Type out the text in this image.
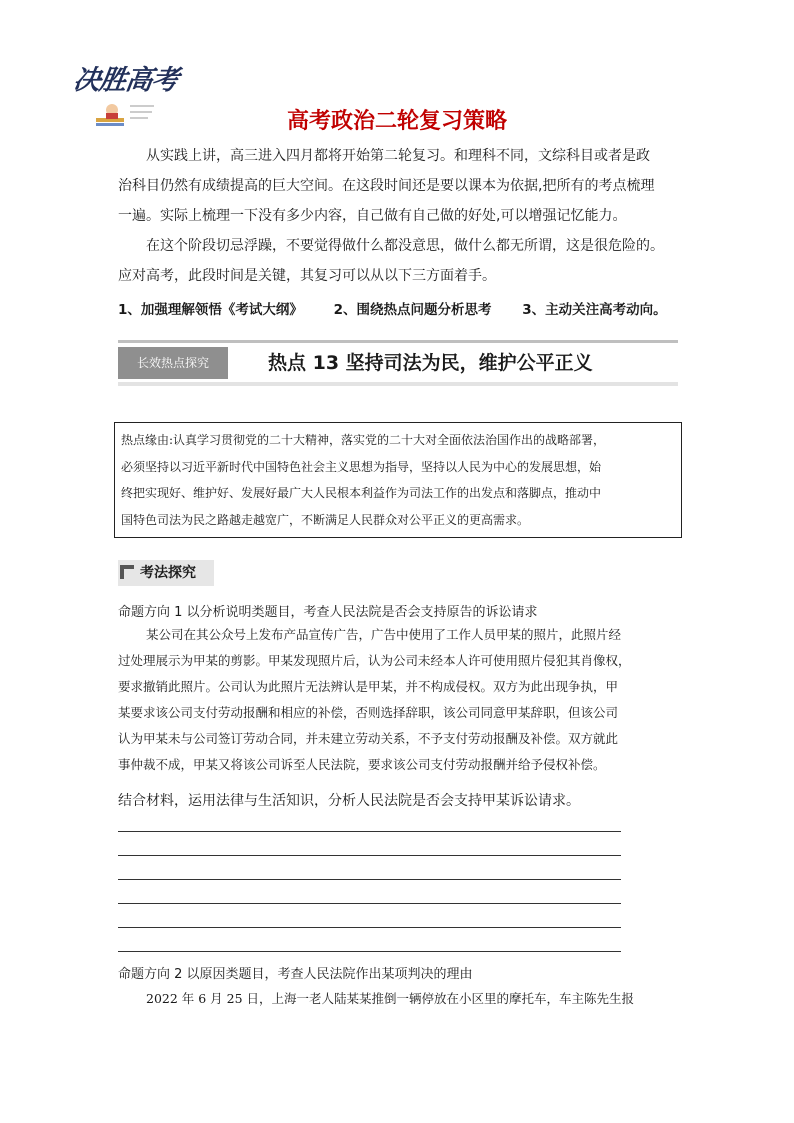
决胜高考
高考政治二轮复习策略
从实践上讲，高三进入四月都将开始第二轮复习。和理科不同，文综科目或者是政
治科目仍然有成绩提高的巨大空间。在这段时间还是要以课本为依据,把所有的考点梳理
一遍。实际上梳理一下没有多少内容，自己做有自己做的好处,可以增强记忆能力。
在这个阶段切忌浮躁，不要觉得做什么都没意思，做什么都无所谓，这是很危险的。
应对高考，此段时间是关键，其复习可以从以下三方面着手。
1、加强理解领悟《考试大纲》 2、围绕热点问题分析思考 3、主动关注高考动向。
长效热点探究	热点 13 坚持司法为民，维护公平正义
热点缘由:认真学习贯彻党的二十大精神，落实党的二十大对全面依法治国作出的战略部署，
必须坚持以习近平新时代中国特色社会主义思想为指导，坚持以人民为中心的发展思想，始
终把实现好、维护好、发展好最广大人民根本利益作为司法工作的出发点和落脚点，推动中
国特色司法为民之路越走越宽广，不断满足人民群众对公平正义的更高需求。
考法探究
命题方向 1 以分析说明类题目，考查人民法院是否会支持原告的诉讼请求
某公司在其公众号上发布产品宣传广告，广告中使用了工作人员甲某的照片，此照片经
过处理展示为甲某的剪影。甲某发现照片后，认为公司未经本人许可使用照片侵犯其肖像权，
要求撤销此照片。公司认为此照片无法辨认是甲某，并不构成侵权。双方为此出现争执，甲
某要求该公司支付劳动报酬和相应的补偿，否则选择辞职，该公司同意甲某辞职，但该公司
认为甲某未与公司签订劳动合同，并未建立劳动关系，不予支付劳动报酬及补偿。双方就此
事仲裁不成，甲某又将该公司诉至人民法院，要求该公司支付劳动报酬并给予侵权补偿。
结合材料，运用法律与生活知识，分析人民法院是否会支持甲某诉讼请求。
命题方向 2 以原因类题目，考查人民法院作出某项判决的理由
2022 年 6 月 25 日，上海一老人陆某某推倒一辆停放在小区里的摩托车，车主陈先生报
